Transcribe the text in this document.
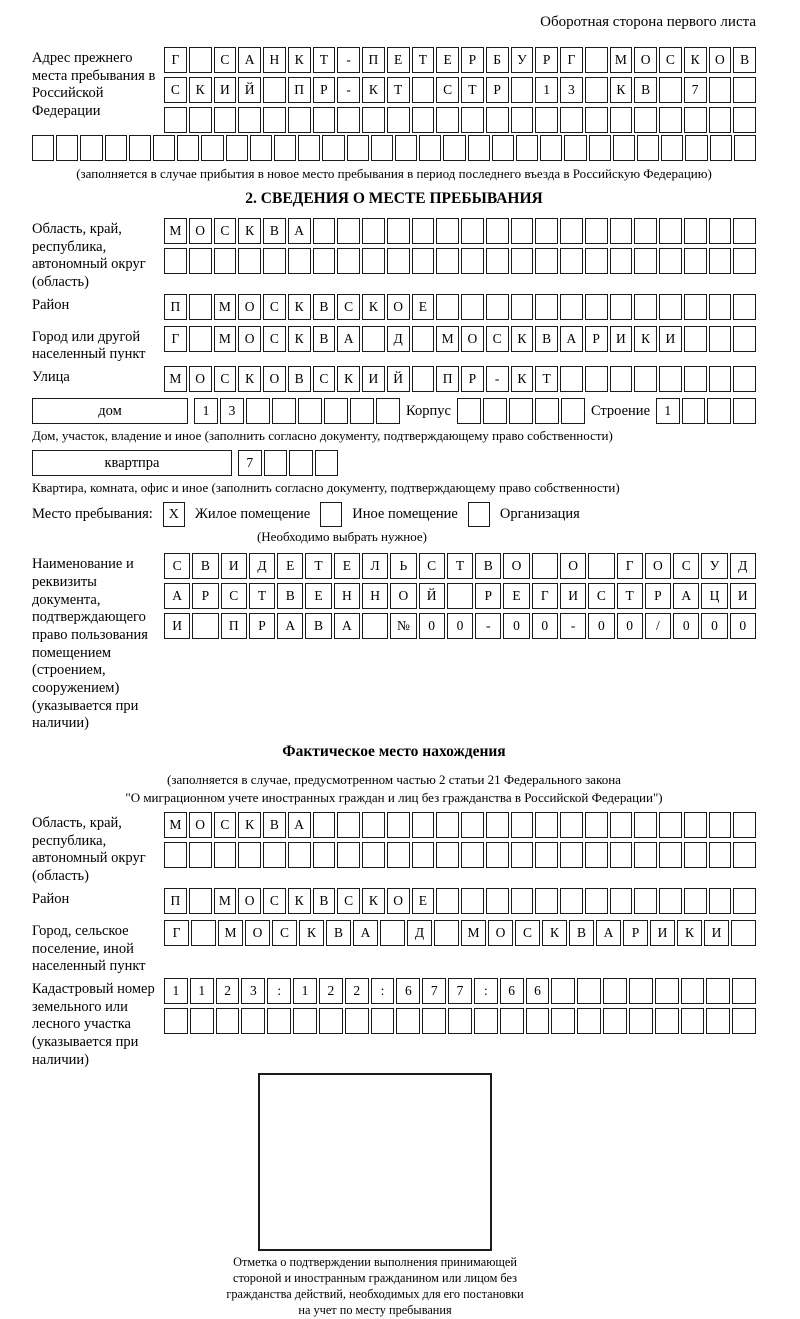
Оборотная сторона первого листа
Адрес прежнего места пребывания в Российской Федерации
Г	С	А	Н	К	Т	-	П	Е	Т	Е	Р	Б	У	Р	Г	М	О	С	К	О	В
С	К	И	Й	П	Р	-	К	Т	С	Т	Р	1	3	К	В	7
(заполняется в случае прибытия в новое место пребывания в период последнего въезда в Российскую Федерацию)
2. СВЕДЕНИЯ О МЕСТЕ ПРЕБЫВАНИЯ
Область, край, республика, автономный округ (область)
М	О	С	К	В	А
Район	П	М	О	С	К	В	С	К	О	Е
Город или другой населенный пункт
Г	М	О	С	К	В	А	Д	М	О	С	К	В	А	Р	И	К	И
Улица	М	О	С	К	О	В	С	К	И	Й	П	Р	-	К	Т
дом	1	3	Корпус	Строение	1
Дом, участок, владение и иное (заполнить согласно документу, подтверждающему право собственности)
квартпра	7
Квартира, комната, офис и иное (заполнить согласно документу, подтверждающему право собственности)
Место пребывания:	X	Жилое помещение	Иное помещение	Организация
(Необходимо выбрать нужное)
Наименование и реквизиты документа, подтверждающего право пользования помещением (строением, сооружением) (указывается при наличии)
С	В	И	Д	Е	Т	Е	Л	Ь	С	Т	В	О	О	Г	О	С	У	Д
А	Р	С	Т	В	Е	Н	Н	О	Й	Р	Е	Г	И	С	Т	Р	А	Ц	И
И	П	Р	А	В	А	№	0	0	-	0	0	-	0	0	/	0	0	0
Фактическое место нахождения
(заполняется в случае, предусмотренном частью 2 статьи 21 Федерального закона
"О миграционном учете иностранных граждан и лиц без гражданства в Российской Федерации")
Область, край, республика, автономный округ (область)
М	О	С	К	В	А
Район	П	М	О	С	К	В	С	К	О	Е
Город, сельское поселение, иной населенный пункт
Г	М	О	С	К	В	А	Д	М	О	С	К	В	А	Р	И	К	И
Кадастровый номер земельного или лесного участка (указывается при наличии)
1	1	2	3	:	1	2	2	:	6	7	7	:	6	6
Отметка о подтверждении выполнения принимающей стороной и иностранным гражданином или лицом без гражданства действий, необходимых для его постановки на учет по месту пребывания
